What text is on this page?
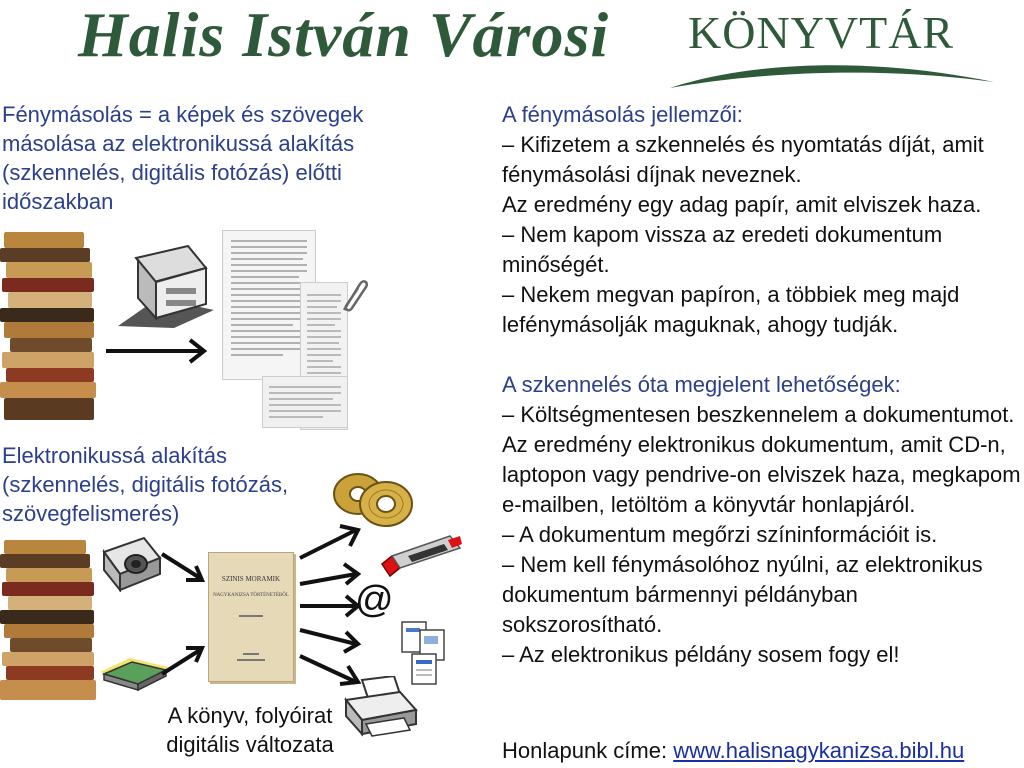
Halis István Városi KÖNYVTÁR
Fénymásolás = a képek és szövegek másolása az elektronikussá alakítás (szkennelés, digitális fotózás) előtti időszakban
Elektronikussá alakítás (szkennelés, digitális fotózás, szövegfelismerés)
A könyv, folyóirat digitális változata
SZINIS MORAMIK
NAGYKANIZSA TÖRTÉNETÉBŐL @
A fénymásolás jellemzői:
– Kifizetem a szkennelés és nyomtatás díját, amit fénymásolási díjnak neveznek.
Az eredmény egy adag papír, amit elviszek haza.
– Nem kapom vissza az eredeti dokumentum minőségét.
– Nekem megvan papíron, a többiek meg majd lefénymásolják maguknak, ahogy tudják.
A szkennelés óta megjelent lehetőségek:
– Költségmentesen beszkennelem a dokumentumot.
Az eredmény elektronikus dokumentum, amit CD-n, laptopon vagy pendrive-on elviszek haza, megkapom e-mailben, letöltöm a könyvtár honlapjáról.
– A dokumentum megőrzi színinformációit is.
– Nem kell fénymásolóhoz nyúlni, az elektronikus dokumentum bármennyi példányban sokszorosítható.
– Az elektronikus példány sosem fogy el!
Honlapunk címe: www.halisnagykanizsa.bibl.hu
